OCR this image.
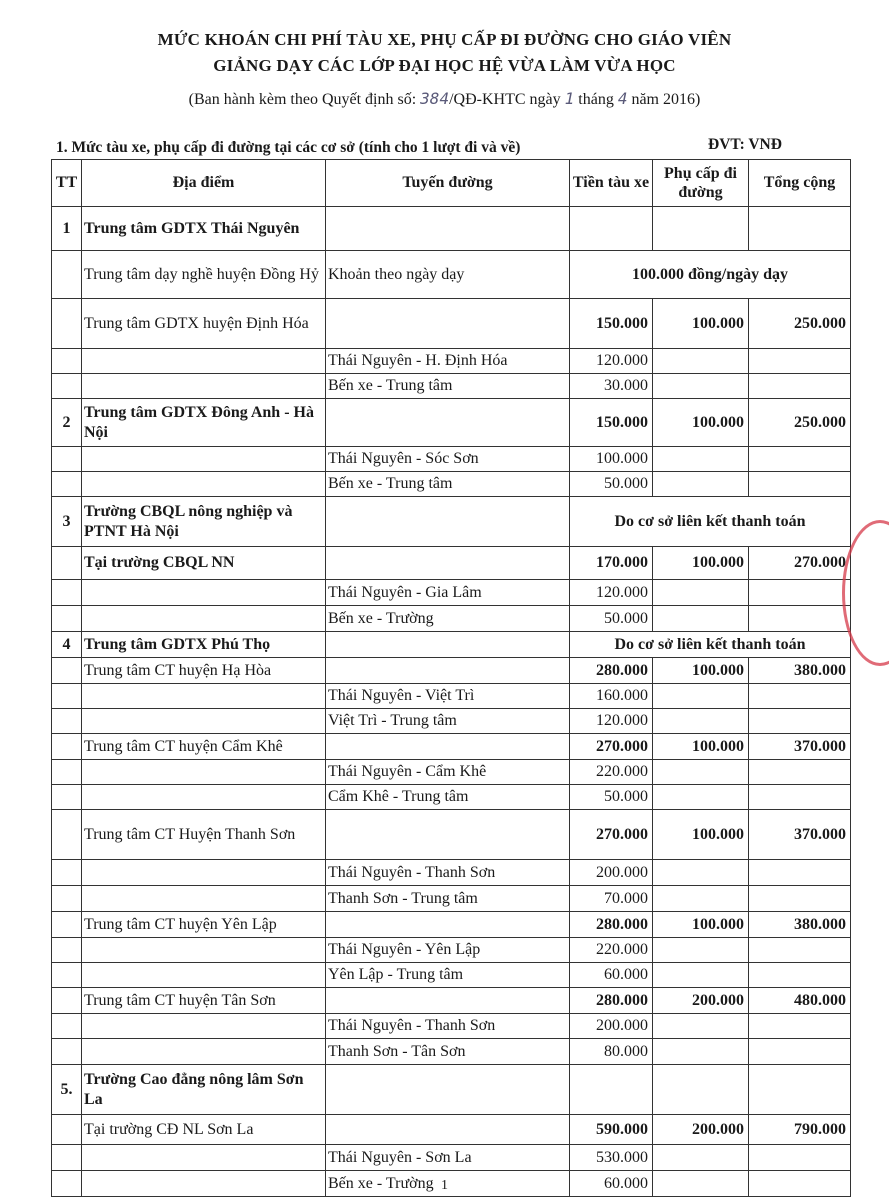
MỨC KHOÁN CHI PHÍ TÀU XE, PHỤ CẤP ĐI ĐƯỜNG CHO GIÁO VIÊN
GIẢNG DẠY CÁC LỚP ĐẠI HỌC HỆ VỪA LÀM VỪA HỌC
(Ban hành kèm theo Quyết định số: 384/QĐ-KHTC ngày 1 tháng 4 năm 2016)
1. Mức tàu xe, phụ cấp đi đường tại các cơ sở (tính cho 1 lượt đi và về)	ĐVT: VNĐ
TT	Địa điểm	Tuyến đường	Tiền tàu xe	Phụ cấp đi đường	Tổng cộng
1	Trung tâm GDTX Thái Nguyên				
	Trung tâm dạy nghề huyện Đồng Hỷ	Khoản theo ngày dạy	100.000 đồng/ngày dạy		
	Trung tâm GDTX huyện Định Hóa		150.000	100.000	250.000
		Thái Nguyên - H. Định Hóa	120.000		
		Bến xe - Trung tâm	30.000		
2	Trung tâm GDTX Đông Anh - Hà Nội		150.000	100.000	250.000
		Thái Nguyên - Sóc Sơn	100.000		
		Bến xe - Trung tâm	50.000		
3	Trường CBQL nông nghiệp và PTNT Hà Nội		Do cơ sở liên kết thanh toán		
	Tại trường CBQL NN		170.000	100.000	270.000
		Thái Nguyên - Gia Lâm	120.000		
		Bến xe - Trường	50.000		
4	Trung tâm GDTX Phú Thọ		Do cơ sở liên kết thanh toán		
	Trung tâm CT huyện Hạ Hòa		280.000	100.000	380.000
		Thái Nguyên - Việt Trì	160.000		
		Việt Trì - Trung tâm	120.000		
	Trung tâm CT huyện Cẩm Khê		270.000	100.000	370.000
		Thái Nguyên - Cẩm Khê	220.000		
		Cẩm Khê - Trung tâm	50.000		
	Trung tâm CT Huyện Thanh Sơn		270.000	100.000	370.000
		Thái Nguyên - Thanh Sơn	200.000		
		Thanh Sơn - Trung tâm	70.000		
	Trung tâm CT huyện Yên Lập		280.000	100.000	380.000
		Thái Nguyên - Yên Lập	220.000		
		Yên Lập - Trung tâm	60.000		
	Trung tâm CT huyện Tân Sơn		280.000	200.000	480.000
		Thái Nguyên - Thanh Sơn	200.000		
		Thanh Sơn - Tân Sơn	80.000		
5.	Trường Cao đẳng nông lâm Sơn La				
	Tại trường CĐ NL Sơn La		590.000	200.000	790.000
		Thái Nguyên - Sơn La	530.000		
		Bến xe - Trường	60.000		
1
